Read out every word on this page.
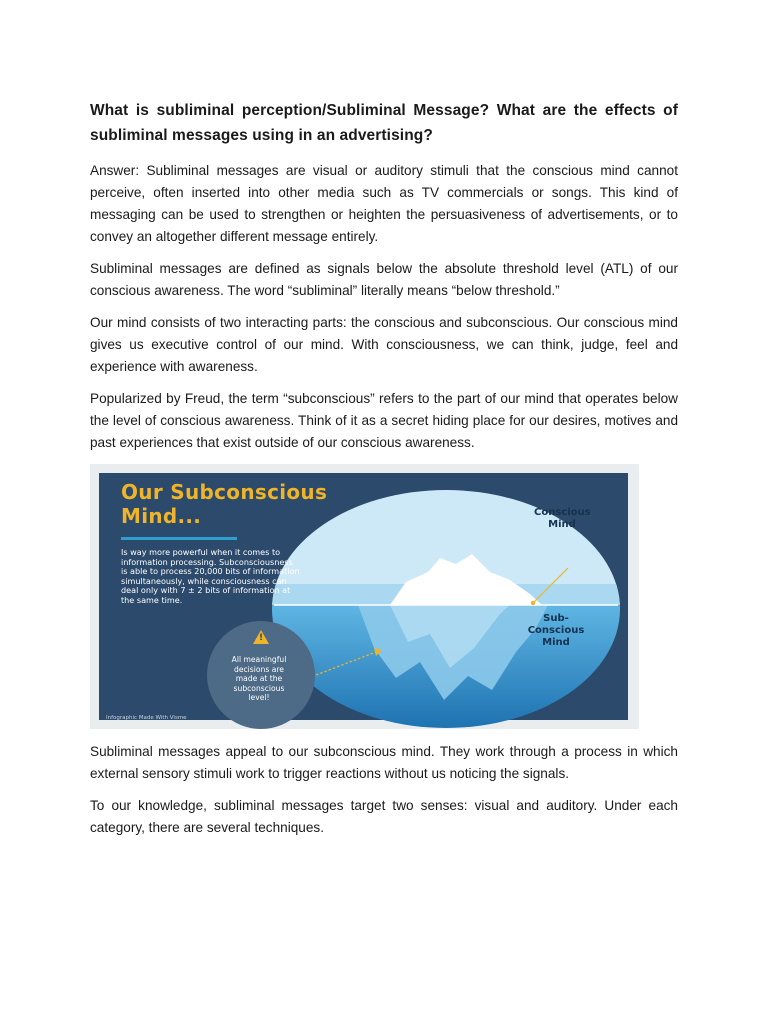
What is subliminal perception/Subliminal Message? What are the effects of subliminal messages using in an advertising?

Answer: Subliminal messages are visual or auditory stimuli that the conscious mind cannot perceive, often inserted into other media such as TV commercials or songs. This kind of messaging can be used to strengthen or heighten the persuasiveness of advertisements, or to convey an altogether different message entirely.

Subliminal messages are defined as signals below the absolute threshold level (ATL) of our conscious awareness. The word “subliminal” literally means “below threshold.”

Our mind consists of two interacting parts: the conscious and subconscious. Our conscious mind gives us executive control of our mind. With consciousness, we can think, judge, feel and experience with awareness.

Popularized by Freud, the term “subconscious” refers to the part of our mind that operates below the level of conscious awareness. Think of it as a secret hiding place for our desires, motives and past experiences that exist outside of our conscious awareness.

Our Subconscious
Mind...
Is way more powerful when it comes to information processing. Subconsciousness is able to process 20,000 bits of information simultaneously, while consciousness can deal only with 7 ± 2 bits of information at the same time.
Conscious Mind
Sub-
Conscious
Mind
!
All meaningful decisions are made at the subconscious level!
Infographic Made With Visme

Subliminal messages appeal to our subconscious mind. They work through a process in which external sensory stimuli work to trigger reactions without us noticing the signals.

To our knowledge, subliminal messages target two senses: visual and auditory. Under each category, there are several techniques.
